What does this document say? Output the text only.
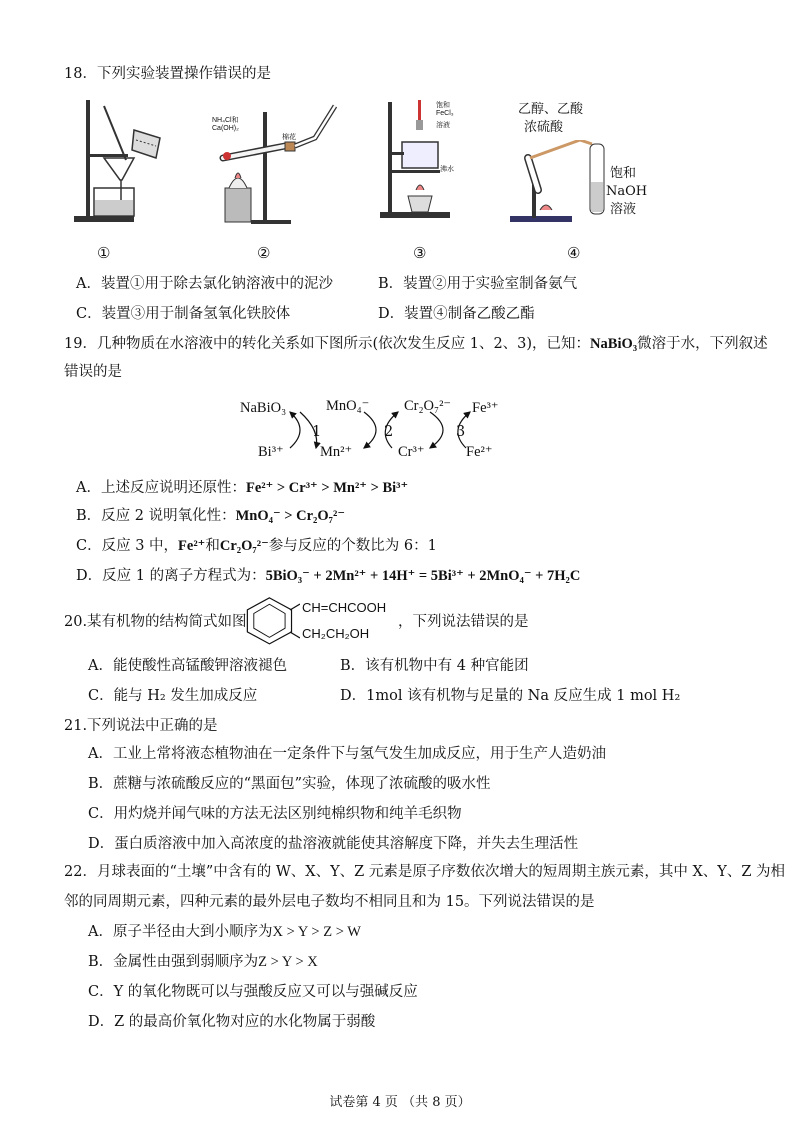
18．下列实验装置操作错误的是
①
NH₄Cl和
Ca(OH)₂
棉花
②
饱和
FeCl₃
溶液
沸水
③
乙醇、乙酸
浓硫酸
饱和
NaOH
溶液
④
A．装置①用于除去氯化钠溶液中的泥沙	B．装置②用于实验室制备氨气
C．装置③用于制备氢氧化铁胶体	D．装置④制备乙酸乙酯
19．几种物质在水溶液中的转化关系如下图所示(依次发生反应 1、2、3)，已知：NaBiO₃微溶于水，下列叙述
错误的是
NaBiO₃	MnO₄⁻ Cr₂O₇²⁻ Fe³⁺
Bi³⁺	Mn²⁺	Cr³⁺	Fe²⁺
1	2	3
A．上述反应说明还原性：Fe²⁺ > Cr³⁺ > Mn²⁺ > Bi³⁺
B．反应 2 说明氧化性：MnO₄⁻ > Cr₂O₇²⁻
C．反应 3 中，Fe²⁺和Cr₂O₇²⁻参与反应的个数比为 6：1
D．反应 1 的离子方程式为：5BiO₃⁻ + 2Mn²⁺ + 14H⁺ = 5Bi³⁺ + 2MnO₄⁻ + 7H₂C
20.某有机物的结构简式如图
CH=CHCOOH
CH₂CH₂OH
，下列说法错误的是
A．能使酸性高锰酸钾溶液褪色	B．该有机物中有 4 种官能团
C．能与 H₂ 发生加成反应	D．1mol 该有机物与足量的 Na 反应生成 1 mol H₂
21.下列说法中正确的是
A．工业上常将液态植物油在一定条件下与氢气发生加成反应，用于生产人造奶油
B．蔗糖与浓硫酸反应的“黑面包”实验，体现了浓硫酸的吸水性
C．用灼烧并闻气味的方法无法区别纯棉织物和纯羊毛织物
D．蛋白质溶液中加入高浓度的盐溶液就能使其溶解度下降，并失去生理活性
22．月球表面的“土壤”中含有的 W、X、Y、Z 元素是原子序数依次增大的短周期主族元素，其中 X、Y、Z 为相
邻的同周期元素，四种元素的最外层电子数均不相同且和为 15。下列说法错误的是
A．原子半径由大到小顺序为X > Y > Z > W
B．金属性由强到弱顺序为Z > Y > X
C．Y 的氧化物既可以与强酸反应又可以与强碱反应
D．Z 的最高价氧化物对应的水化物属于弱酸
试卷第 4 页 （共 8 页）
